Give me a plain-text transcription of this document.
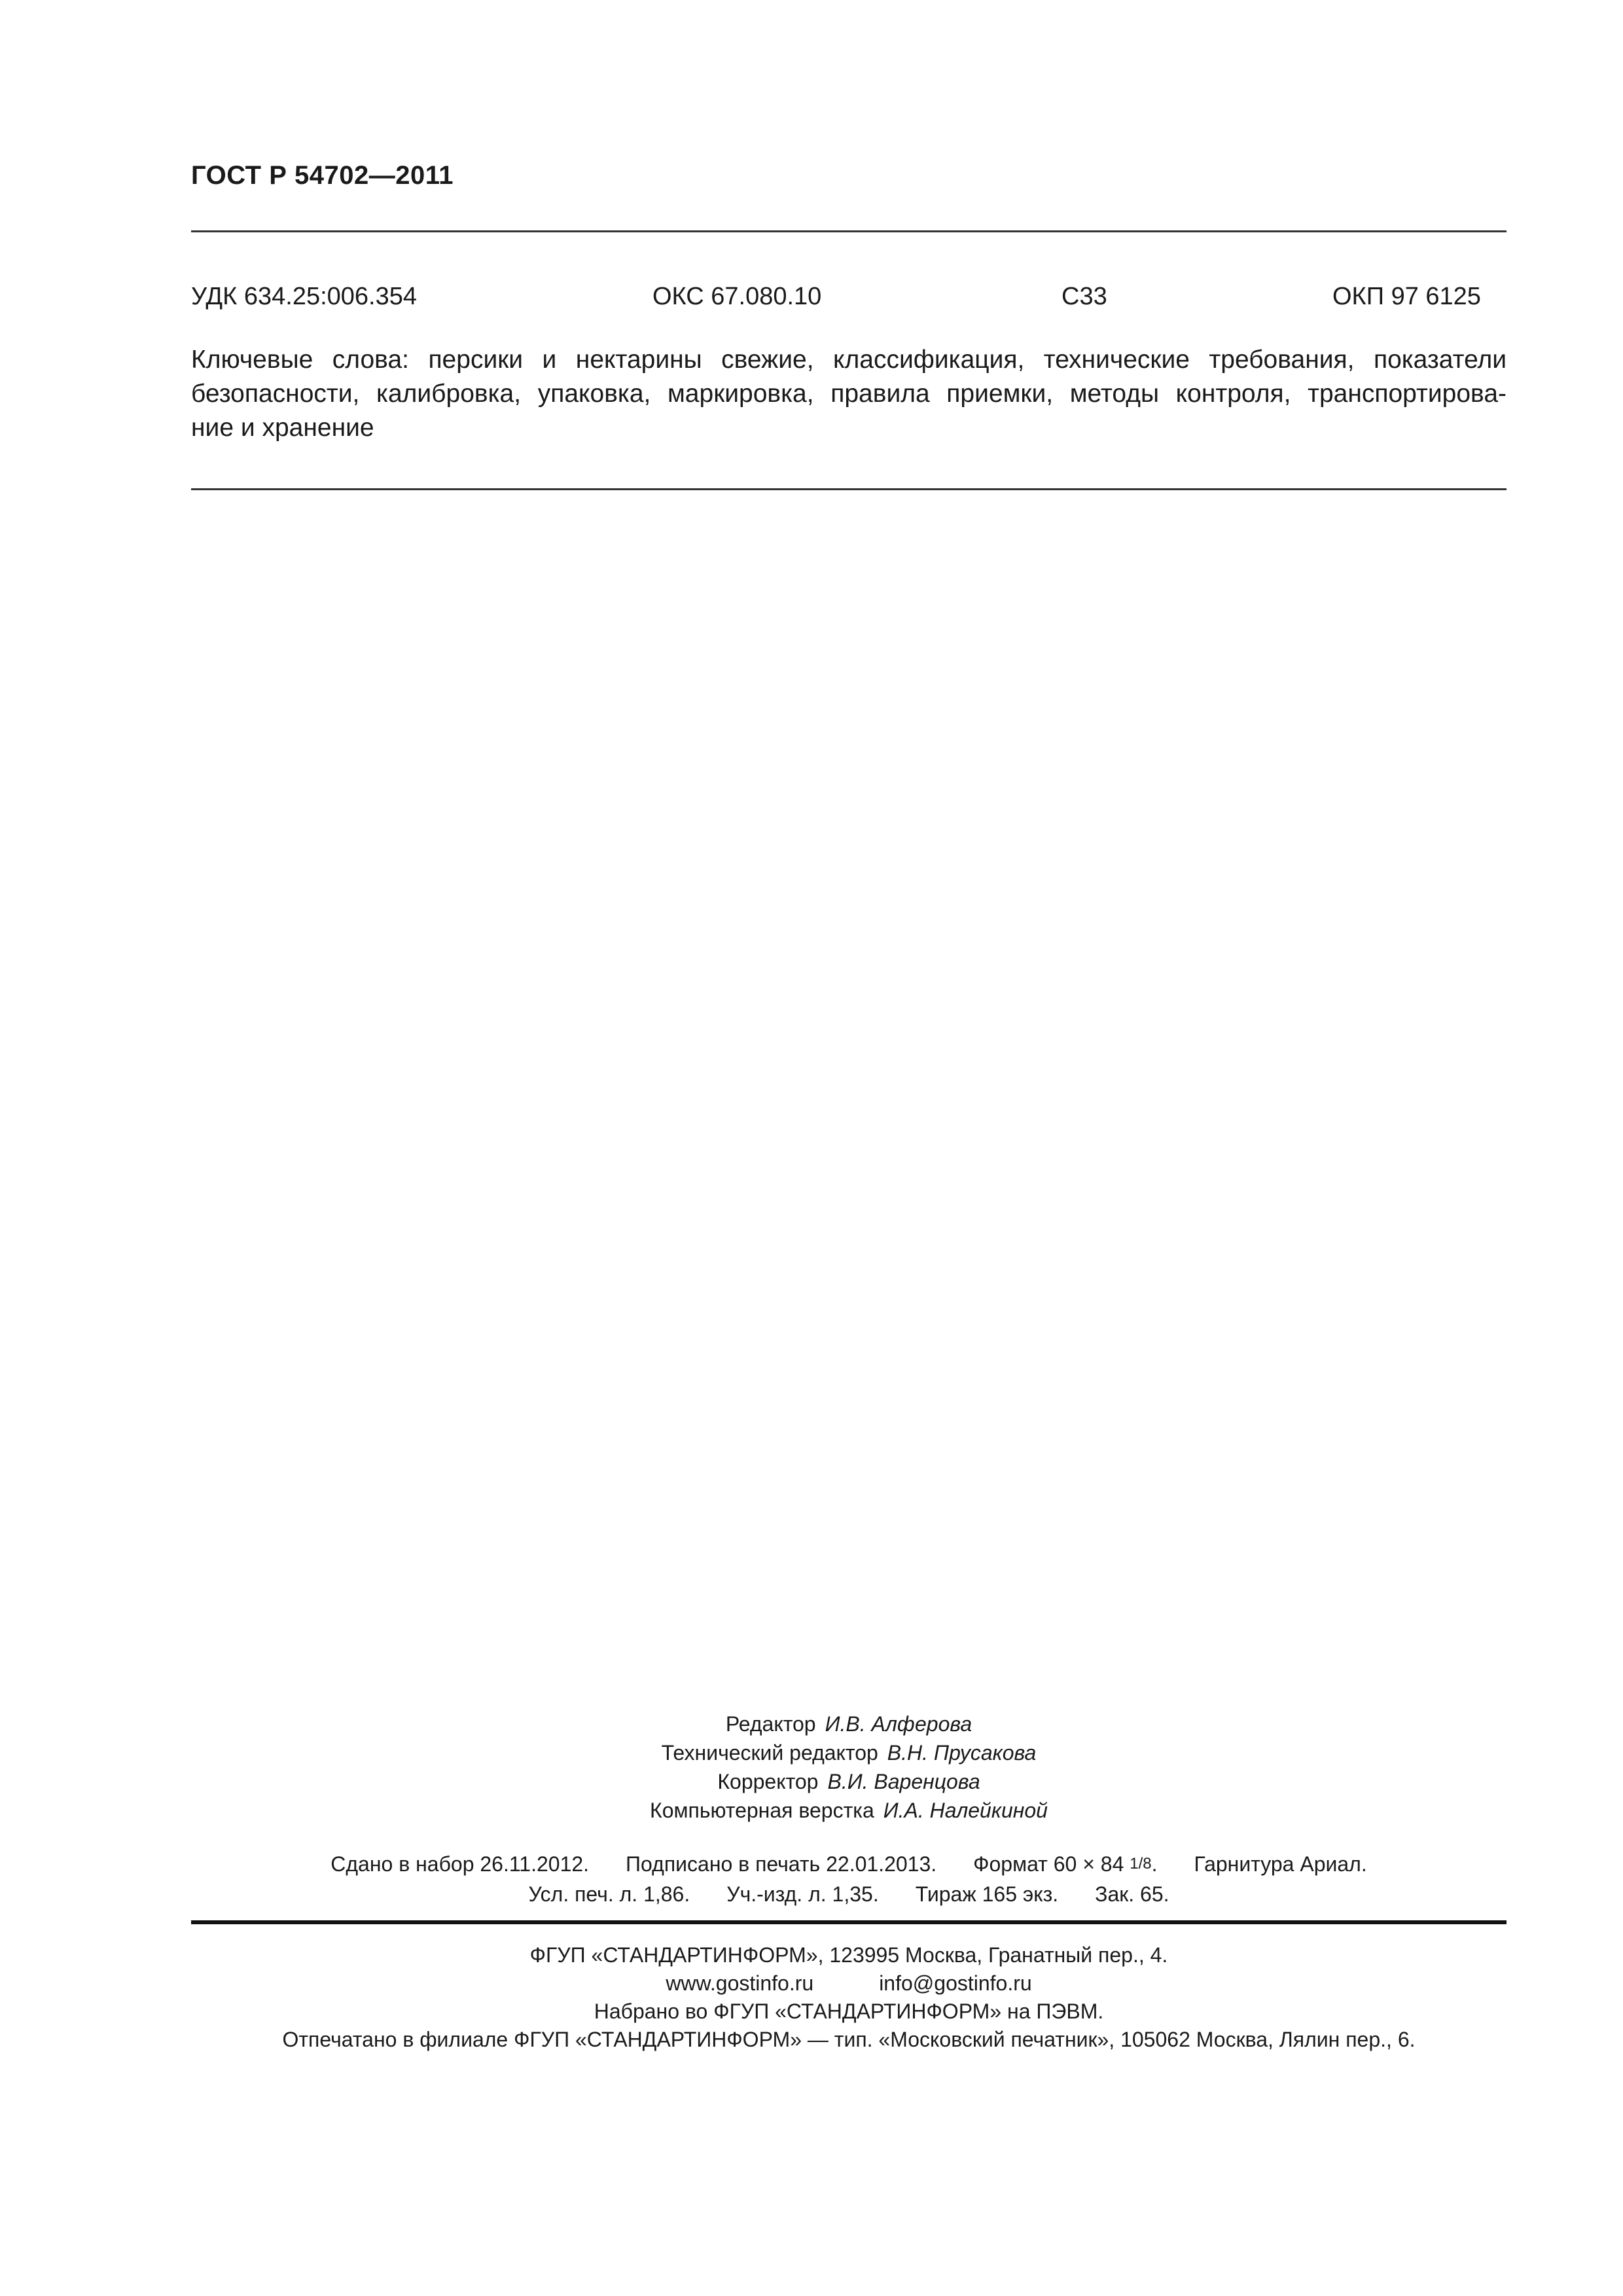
ГОСТ Р 54702—2011
УДК 634.25:006.354	ОКС 67.080.10	С33	ОКП 97 6125
Ключевые слова: персики и нектарины свежие, классификация, технические требования, показатели
безопасности, калибровка, упаковка, маркировка, правила приемки, методы контроля, транспортирова-
ние и хранение
Редактор И.В. Алферова
Технический редактор В.Н. Прусакова
Корректор В.И. Варенцова
Компьютерная верстка И.А. Налейкиной
Сдано в набор 26.11.2012. Подписано в печать 22.01.2013. Формат 60 × 84 1/8. Гарнитура Ариал.
Усл. печ. л. 1,86. Уч.-изд. л. 1,35. Тираж 165 экз. Зак. 65.
ФГУП «СТАНДАРТИНФОРМ», 123995 Москва, Гранатный пер., 4.
www.gostinfo.ru	info@gostinfo.ru
Набрано во ФГУП «СТАНДАРТИНФОРМ» на ПЭВМ.
Отпечатано в филиале ФГУП «СТАНДАРТИНФОРМ» — тип. «Московский печатник», 105062 Москва, Лялин пер., 6.
